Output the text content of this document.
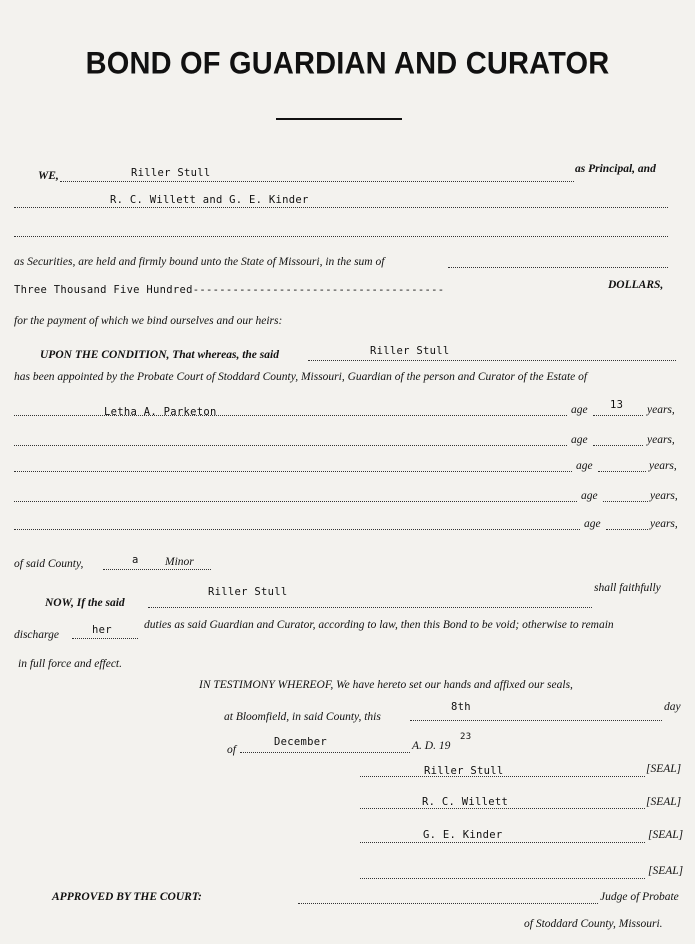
BOND OF GUARDIAN AND CURATOR
WE,	Riller Stull	as Principal, and
R. C. Willett and G. E. Kinder
as Securities, are held and firmly bound unto the State of Missouri, in the sum of
Three Thousand Five Hundred--------------------------------------	DOLLARS,
for the payment of which we bind ourselves and our heirs:
UPON THE CONDITION, That whereas, the said	Riller Stull
has been appointed by the Probate Court of Stoddard County, Missouri, Guardian of the person and Curator of the Estate of
Letha A. Parketon	age 13 years,
age	years,
age	years,
age	years,
age	years,
of said County,	a Minor
NOW, If the said
Riller Stull	shall faithfully
discharge	her	duties as said Guardian and Curator, according to law, then this Bond to be void; otherwise to remain
in full force and effect.
IN TESTIMONY WHEREOF, We have hereto set our hands and affixed our seals,
at Bloomfield, in said County, this
8th	day
of
December	A. D. 19
23
Riller Stull	[SEAL]
R. C. Willett	[SEAL]
G. E. Kinder	[SEAL]
[SEAL]
APPROVED BY THE COURT:	Judge of Probate
of Stoddard County, Missouri.
